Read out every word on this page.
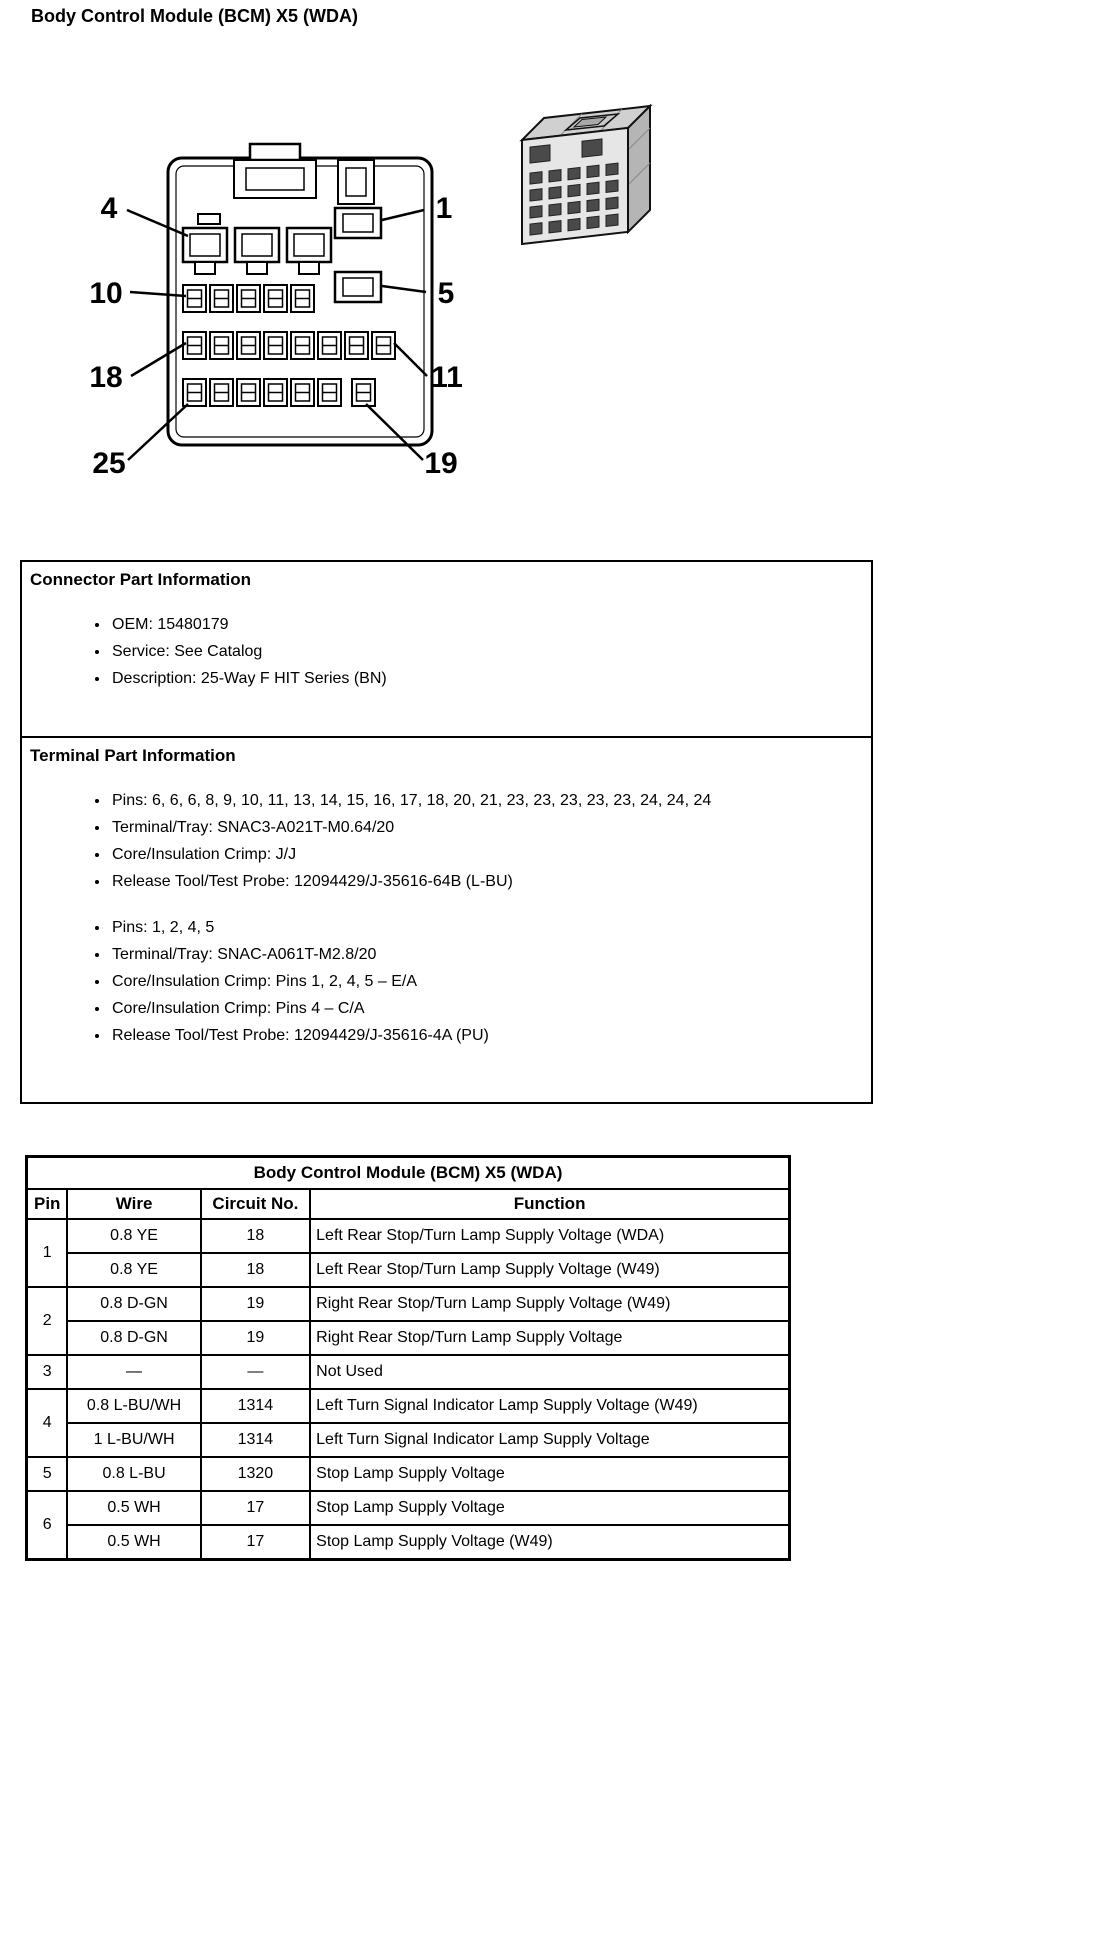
Body Control Module (BCM) X5 (WDA)
4	1
10	5
18	11
25	19
Connector Part Information
• OEM: 15480179
• Service: See Catalog
• Description: 25-Way F HIT Series (BN)
Terminal Part Information
• Pins: 6, 6, 6, 8, 9, 10, 11, 13, 14, 15, 16, 17, 18, 20, 21, 23, 23, 23, 23, 23, 24, 24, 24
• Terminal/Tray: SNAC3-A021T-M0.64/20
• Core/Insulation Crimp: J/J
• Release Tool/Test Probe: 12094429/J-35616-64B (L-BU)
• Pins: 1, 2, 4, 5
• Terminal/Tray: SNAC-A061T-M2.8/20
• Core/Insulation Crimp: Pins 1, 2, 4, 5 – E/A
• Core/Insulation Crimp: Pins 4 – C/A
• Release Tool/Test Probe: 12094429/J-35616-4A (PU)
Body Control Module (BCM) X5 (WDA)			
Pin	Wire	Circuit No.	Function
1	0.8 YE	18	Left Rear Stop/Turn Lamp Supply Voltage (WDA)
	0.8 YE	18	Left Rear Stop/Turn Lamp Supply Voltage (W49)
2	0.8 D-GN	19	Right Rear Stop/Turn Lamp Supply Voltage (W49)
	0.8 D-GN	19	Right Rear Stop/Turn Lamp Supply Voltage
3	—	—	Not Used
4	0.8 L-BU/WH	1314	Left Turn Signal Indicator Lamp Supply Voltage (W49)
	1 L-BU/WH	1314	Left Turn Signal Indicator Lamp Supply Voltage
5	0.8 L-BU	1320	Stop Lamp Supply Voltage
6	0.5 WH	17	Stop Lamp Supply Voltage
	0.5 WH	17	Stop Lamp Supply Voltage (W49)
